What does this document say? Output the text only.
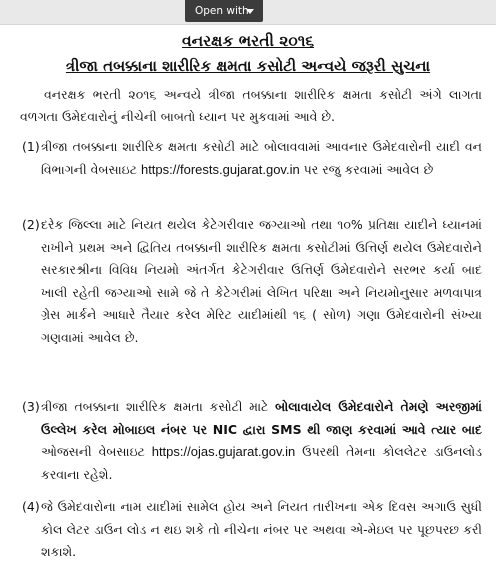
Open with
વનરક્ષક ભરતી ૨૦૧૬
ત્રીજા તબક્કાના શારીરિક ક્ષમતા કસોટી અન્વયે જરૂરી સુચના
વનરક્ષક ભરતી ૨૦૧૬ અન્વયે ત્રીજા તબક્કાના શારીરિક ક્ષમતા કસોટી અંગે લાગતા વળગતા ઉમેદવારોનું નીચેની બાબતો ધ્યાન પર મુકવામાં આવે છે.
(1) ત્રીજા તબક્કાના શારીરિક ક્ષમતા કસોટી માટે બોલાવવામાં આવનાર ઉમેદવારોની યાદી વન વિભાગની વેબસાઇટ https://forests.gujarat.gov.in પર રજુ કરવામાં આવેલ છે
(2) દરેક જિલ્લા માટે નિયત થયેલ કેટેગરીવાર જગ્યાઓ તથા ૧૦% પ્રતિક્ષા યાદીને ધ્યાનમાં રાખીને પ્રથમ અને દ્વિતિય તબક્કાની શારીરિક ક્ષમતા કસોટીમાં ઉત્તિર્ણ થયેલ ઉમેદવારોને સરકારશ્રીના વિવિધ નિયમો અંતર્ગત કેટેગરીવાર ઉત્તિર્ણ ઉમેદવારોને સરભર કર્યા બાદ ખાલી રહેતી જગ્યાઓ સામે જે તે કેટેગરીમાં લેખિત પરિક્ષા અને નિયમોનુસાર મળવાપાત્ર ગ્રેસ માર્કને આધારે તૈયાર કરેલ મેરિટ યાદીમાંથી ૧૬ ( સોળ) ગણા ઉમેદવારોની સંખ્યા ગણવામાં આવેલ છે.
(3) ત્રીજા તબક્કાના શારીરિક ક્ષમતા કસોટી માટે બોલાવાયેલ ઉમેદવારોને તેમણે અરજીમાં ઉલ્લેખ કરેલ મોબાઇલ નંબર પર NIC દ્વારા SMS થી જાણ કરવામાં આવે ત્યાર બાદ ઓજસની વેબસાઇટ https://ojas.gujarat.gov.in ઉપરથી તેમના કોલલેટર ડાઉનલોડ કરવાના રહેશે.
(4) જે ઉમેદવારોના નામ યાદીમાં સામેલ હોય અને નિયત તારીખના એક દિવસ અગાઉ સુધી કોલ લેટર ડાઉન લોડ ન થઇ શકે તો નીચેના નંબર પર અથવા એ-મેઇલ પર પૂછપરછ કરી શકાશે.
